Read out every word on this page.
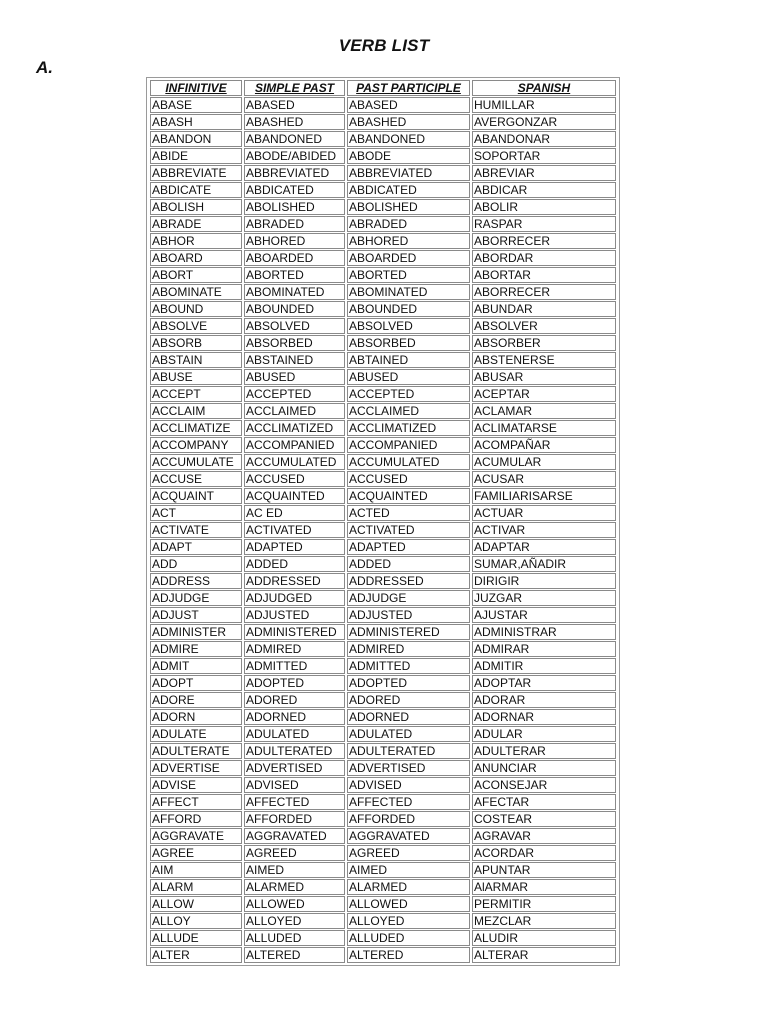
VERB LIST
A.
INFINITIVE	SIMPLE PAST	PAST PARTICIPLE	SPANISH
ABASE	ABASED	ABASED	HUMILLAR
ABASH	ABASHED	ABASHED	AVERGONZAR
ABANDON	ABANDONED	ABANDONED	ABANDONAR
ABIDE	ABODE/ABIDED	ABODE	SOPORTAR
ABBREVIATE	ABBREVIATED	ABBREVIATED	ABREVIAR
ABDICATE	ABDICATED	ABDICATED	ABDICAR
ABOLISH	ABOLISHED	ABOLISHED	ABOLIR
ABRADE	ABRADED	ABRADED	RASPAR
ABHOR	ABHORED	ABHORED	ABORRECER
ABOARD	ABOARDED	ABOARDED	ABORDAR
ABORT	ABORTED	ABORTED	ABORTAR
ABOMINATE	ABOMINATED	ABOMINATED	ABORRECER
ABOUND	ABOUNDED	ABOUNDED	ABUNDAR
ABSOLVE	ABSOLVED	ABSOLVED	ABSOLVER
ABSORB	ABSORBED	ABSORBED	ABSORBER
ABSTAIN	ABSTAINED	ABTAINED	ABSTENERSE
ABUSE	ABUSED	ABUSED	ABUSAR
ACCEPT	ACCEPTED	ACCEPTED	ACEPTAR
ACCLAIM	ACCLAIMED	ACCLAIMED	ACLAMAR
ACCLIMATIZE	ACCLIMATIZED	ACCLIMATIZED	ACLIMATARSE
ACCOMPANY	ACCOMPANIED	ACCOMPANIED	ACOMPAÑAR
ACCUMULATE	ACCUMULATED	ACCUMULATED	ACUMULAR
ACCUSE	ACCUSED	ACCUSED	ACUSAR
ACQUAINT	ACQUAINTED	ACQUAINTED	FAMILIARISARSE
ACT	AC ED	ACTED	ACTUAR
ACTIVATE	ACTIVATED	ACTIVATED	ACTIVAR
ADAPT	ADAPTED	ADAPTED	ADAPTAR
ADD	ADDED	ADDED	SUMAR,AÑADIR
ADDRESS	ADDRESSED	ADDRESSED	DIRIGIR
ADJUDGE	ADJUDGED	ADJUDGE	JUZGAR
ADJUST	ADJUSTED	ADJUSTED	AJUSTAR
ADMINISTER	ADMINISTERED	ADMINISTERED	ADMINISTRAR
ADMIRE	ADMIRED	ADMIRED	ADMIRAR
ADMIT	ADMITTED	ADMITTED	ADMITIR
ADOPT	ADOPTED	ADOPTED	ADOPTAR
ADORE	ADORED	ADORED	ADORAR
ADORN	ADORNED	ADORNED	ADORNAR
ADULATE	ADULATED	ADULATED	ADULAR
ADULTERATE	ADULTERATED	ADULTERATED	ADULTERAR
ADVERTISE	ADVERTISED	ADVERTISED	ANUNCIAR
ADVISE	ADVISED	ADVISED	ACONSEJAR
AFFECT	AFFECTED	AFFECTED	AFECTAR
AFFORD	AFFORDED	AFFORDED	COSTEAR
AGGRAVATE	AGGRAVATED	AGGRAVATED	AGRAVAR
AGREE	AGREED	AGREED	ACORDAR
AIM	AIMED	AIMED	APUNTAR
ALARM	ALARMED	ALARMED	AlARMAR
ALLOW	ALLOWED	ALLOWED	PERMITIR
ALLOY	ALLOYED	ALLOYED	MEZCLAR
ALLUDE	ALLUDED	ALLUDED	ALUDIR
ALTER	ALTERED	ALTERED	ALTERAR
